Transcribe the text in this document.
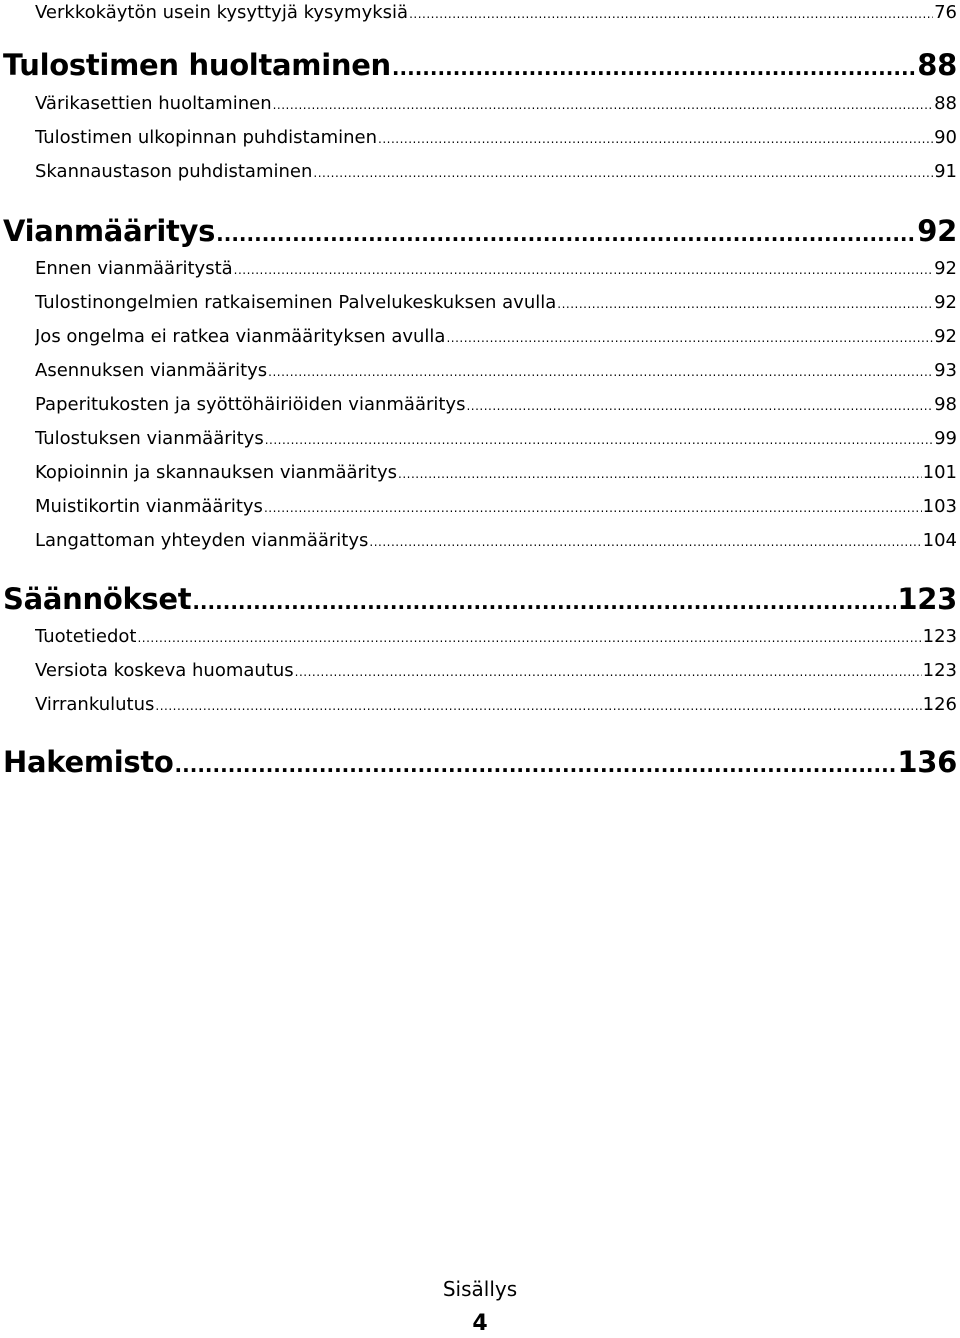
Verkkokäytön usein kysyttyjä kysymyksiä .....	76
Tulostimen huoltaminen .....	88
Värikasettien huoltaminen .....	88
Tulostimen ulkopinnan puhdistaminen .....	90
Skannaustason puhdistaminen .....	91
Vianmääritys .....	92
Ennen vianmääritystä .....	92
Tulostinongelmien ratkaiseminen Palvelukeskuksen avulla .....	92
Jos ongelma ei ratkea vianmäärityksen avulla .....	92
Asennuksen vianmääritys .....	93
Paperitukosten ja syöttöhäiriöiden vianmääritys .....	98
Tulostuksen vianmääritys .....	99
Kopioinnin ja skannauksen vianmääritys .....	101
Muistikortin vianmääritys .....	103
Langattoman yhteyden vianmääritys .....	104
Säännökset .....	123
Tuotetiedot .....	123
Versiota koskeva huomautus .....	123
Virrankulutus .....	126
Hakemisto .....	136
Sisällys
4
